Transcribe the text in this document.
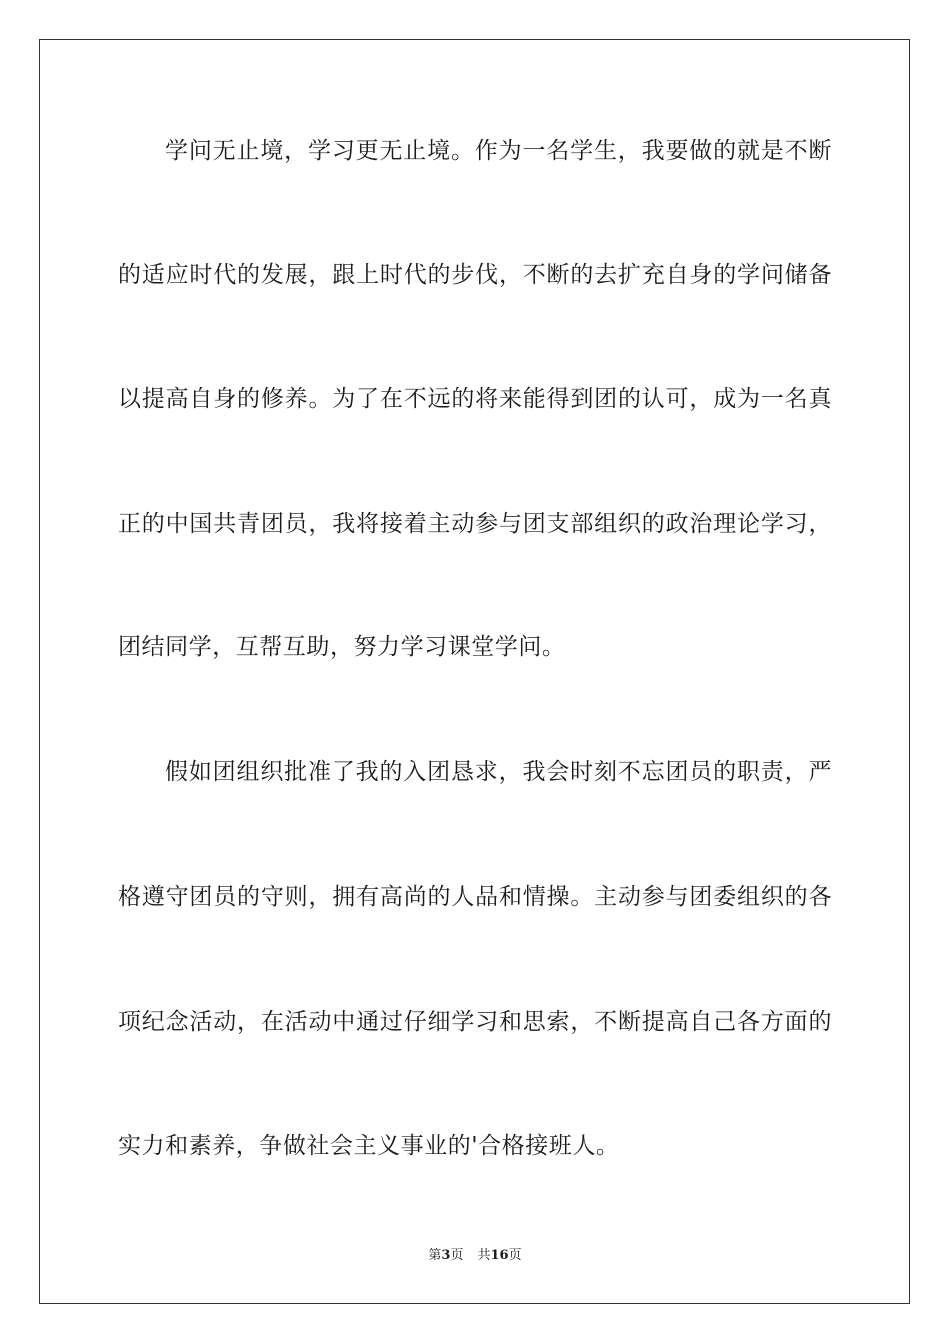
学问无止境，学习更无止境。作为一名学生，我要做的就是不断
的适应时代的发展，跟上时代的步伐，不断的去扩充自身的学问储备
以提高自身的修养。为了在不远的将来能得到团的认可，成为一名真
正的中国共青团员，我将接着主动参与团支部组织的政治理论学习，
团结同学，互帮互助，努力学习课堂学问。
假如团组织批准了我的入团恳求，我会时刻不忘团员的职责，严
格遵守团员的守则，拥有高尚的人品和情操。主动参与团委组织的各
项纪念活动，在活动中通过仔细学习和思索，不断提高自己各方面的
实力和素养，争做社会主义事业的'合格接班人。
第3页 共16页
